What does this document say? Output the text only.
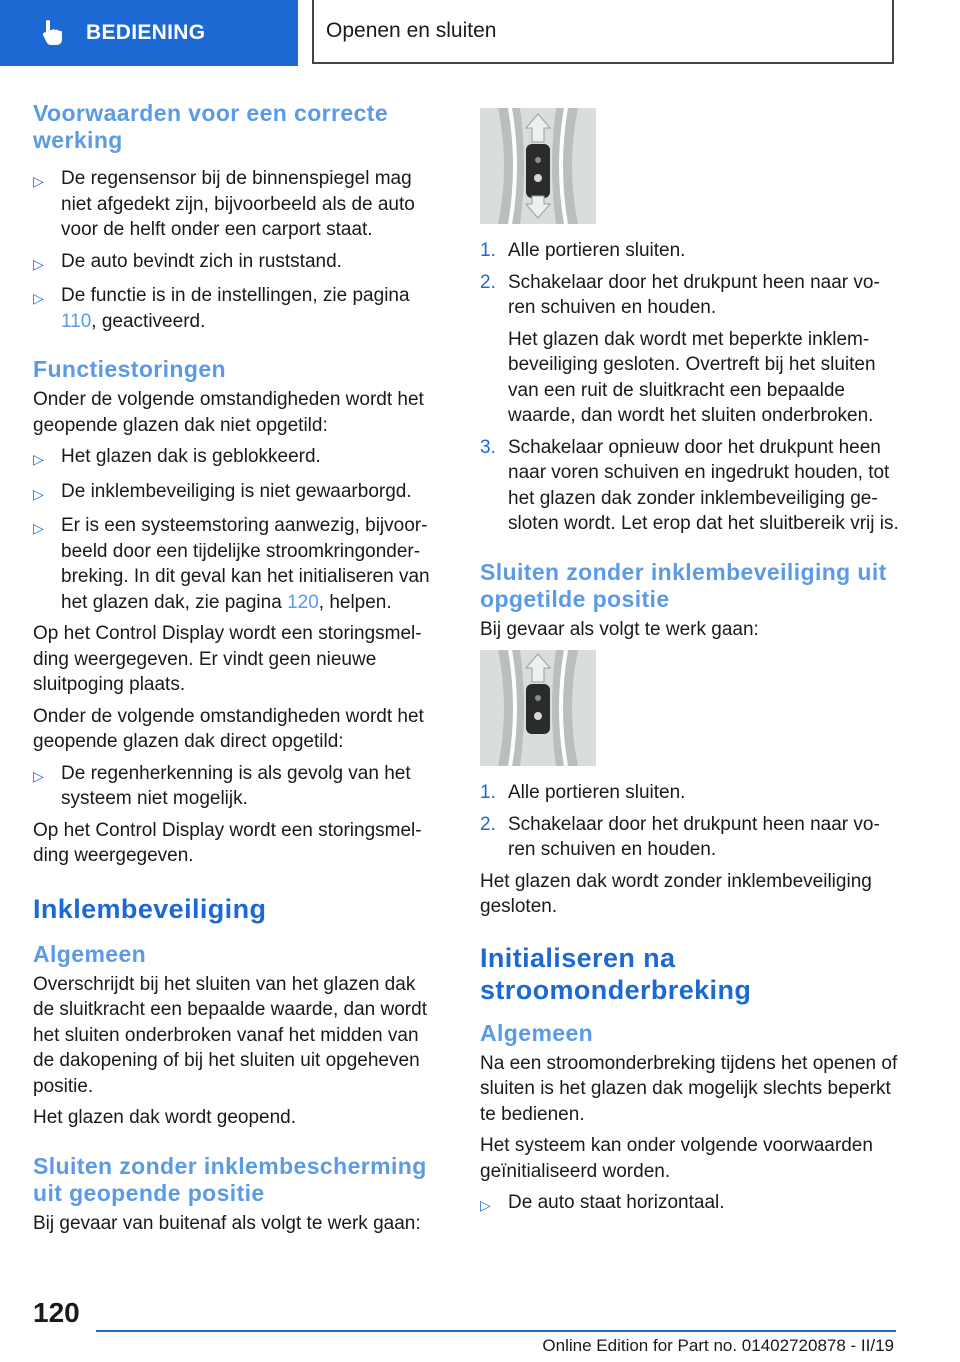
BEDIENING	Openen en sluiten
Voorwaarden voor een correcte werking
▷ De regensensor bij de binnenspiegel mag niet afgedekt zijn, bijvoorbeeld als de auto voor de helft onder een carport staat.
▷ De auto bevindt zich in ruststand.
▷ De functie is in de instellingen, zie pagina 110, geactiveerd.
Functiestoringen

Onder de volgende omstandigheden wordt het geopende glazen dak niet opgetild:

▷ Het glazen dak is geblokkeerd.
▷ De inklembeveiliging is niet gewaarborgd.
▷ Er is een systeemstoring aanwezig, bijvoorbeeld door een tijdelijke stroomkringonderbreking. In dit geval kan het initialiseren van het glazen dak, zie pagina 120, helpen.

Op het Control Display wordt een storingsmelding weergegeven. Er vindt geen nieuwe sluitpoging plaats.

Onder de volgende omstandigheden wordt het geopende glazen dak direct opgetild:

▷ De regenherkenning is als gevolg van het systeem niet mogelijk.

Op het Control Display wordt een storingsmelding weergegeven.

Inklembeveiliging
Algemeen

Overschrijdt bij het sluiten van het glazen dak de sluitkracht een bepaalde waarde, dan wordt het sluiten onderbroken vanaf het midden van de dakopening of bij het sluiten uit opgeheven positie.

Het glazen dak wordt geopend.

Sluiten zonder inklembescherming uit geopende positie

Bij gevaar van buitenaf als volgt te werk gaan:

1. Alle portieren sluiten.
2. Schakelaar door het drukpunt heen naar voren schuiven en houden.

Het glazen dak wordt met beperkte inklembeveiliging gesloten. Overtreft bij het sluiten van een ruit de sluitkracht een bepaalde waarde, dan wordt het sluiten onderbroken.

3. Schakelaar opnieuw door het drukpunt heen naar voren schuiven en ingedrukt houden, tot het glazen dak zonder inklembeveiliging gesloten wordt. Let erop dat het sluitbereik vrij is.
Sluiten zonder inklembeveiliging uit opgetilde positie

Bij gevaar als volgt te werk gaan:

1. Alle portieren sluiten.
2. Schakelaar door het drukpunt heen naar voren schuiven en houden.

Het glazen dak wordt zonder inklembeveiliging gesloten.

Initialiseren na stroomonderbreking
Algemeen

Na een stroomonderbreking tijdens het openen of sluiten is het glazen dak mogelijk slechts beperkt te bedienen.

Het systeem kan onder volgende voorwaarden geïnitialiseerd worden.

▷ De auto staat horizontaal.
120
Online Edition for Part no. 01402720878 - II/19
